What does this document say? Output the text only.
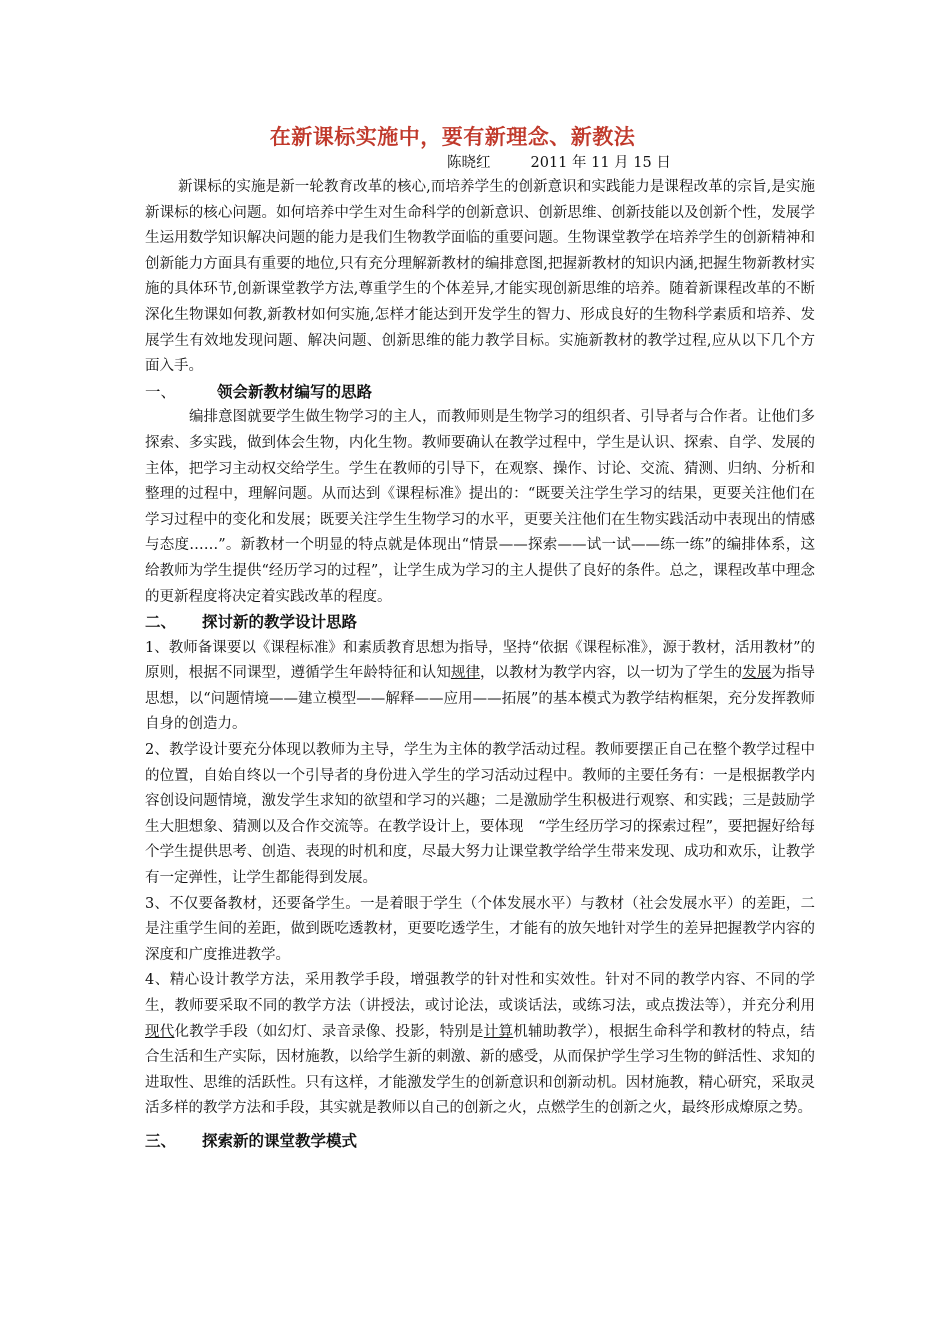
在新课标实施中，要有新理念、新教法
陈晓红	2011 年 11 月 15 日

新课标的实施是新一轮教育改革的核心,而培养学生的创新意识和实践能力是课程改革的宗旨,是实施新课标的核心问题。如何培养中学生对生命科学的创新意识、创新思维、创新技能以及创新个性，发展学生运用数学知识解决问题的能力是我们生物教学面临的重要问题。生物课堂教学在培养学生的创新精神和创新能力方面具有重要的地位,只有充分理解新教材的编排意图,把握新教材的知识内涵,把握生物新教材实施的具体环节,创新课堂教学方法,尊重学生的个体差异,才能实现创新思维的培养。随着新课程改革的不断深化生物课如何教,新教材如何实施,怎样才能达到开发学生的智力、形成良好的生物科学素质和培养、发展学生有效地发现问题、解决问题、创新思维的能力教学目标。实施新教材的教学过程,应从以下几个方面入手。

一、	领会新教材编写的思路

编排意图就要学生做生物学习的主人，而教师则是生物学习的组织者、引导者与合作者。让他们多探索、多实践，做到体会生物，内化生物。教师要确认在教学过程中，学生是认识、探索、自学、发展的主体，把学习主动权交给学生。学生在教师的引导下，在观察、操作、讨论、交流、猜测、归纳、分析和整理的过程中，理解问题。从而达到《课程标准》提出的：“既要关注学生学习的结果，更要关注他们在学习过程中的变化和发展；既要关注学生生物学习的水平，更要关注他们在生物实践活动中表现出的情感与态度……”。新教材一个明显的特点就是体现出“情景——探索——试一试——练一练”的编排体系，这给教师为学生提供“经历学习的过程”，让学生成为学习的主人提供了良好的条件。总之，课程改革中理念的更新程度将决定着实践改革的程度。

二、 探讨新的教学设计思路

1、教师备课要以《课程标准》和素质教育思想为指导，坚持“依据《课程标准》，源于教材，活用教材”的原则，根据不同课型，遵循学生年龄特征和认知规律，以教材为教学内容，以一切为了学生的发展为指导思想，以“问题情境——建立模型——解释——应用——拓展”的基本模式为教学结构框架，充分发挥教师自身的创造力。

2、教学设计要充分体现以教师为主导，学生为主体的教学活动过程。教师要摆正自己在整个教学过程中的位置，自始自终以一个引导者的身份进入学生的学习活动过程中。教师的主要任务有：一是根据教学内容创设问题情境，激发学生求知的欲望和学习的兴趣；二是激励学生积极进行观察、和实践；三是鼓励学生大胆想象、猜测以及合作交流等。在教学设计上，要体现　“学生经历学习的探索过程”，要把握好给每个学生提供思考、创造、表现的时机和度，尽最大努力让课堂教学给学生带来发现、成功和欢乐，让教学有一定弹性，让学生都能得到发展。

3、不仅要备教材，还要备学生。一是着眼于学生（个体发展水平）与教材（社会发展水平）的差距，二是注重学生间的差距，做到既吃透教材，更要吃透学生，才能有的放矢地针对学生的差异把握教学内容的深度和广度推进教学。

4、精心设计教学方法，采用教学手段，增强教学的针对性和实效性。针对不同的教学内容、不同的学生，教师要采取不同的教学方法（讲授法，或讨论法，或谈话法，或练习法，或点拨法等），并充分利用现代化教学手段（如幻灯、录音录像、投影，特别是计算机辅助教学），根据生命科学和教材的特点，结合生活和生产实际，因材施教，以给学生新的刺激、新的感受，从而保护学生学习生物的鲜活性、求知的进取性、思维的活跃性。只有这样，才能激发学生的创新意识和创新动机。因材施教，精心研究，采取灵活多样的教学方法和手段，其实就是教师以自己的创新之火，点燃学生的创新之火，最终形成燎原之势。

三、 探索新的课堂教学模式
